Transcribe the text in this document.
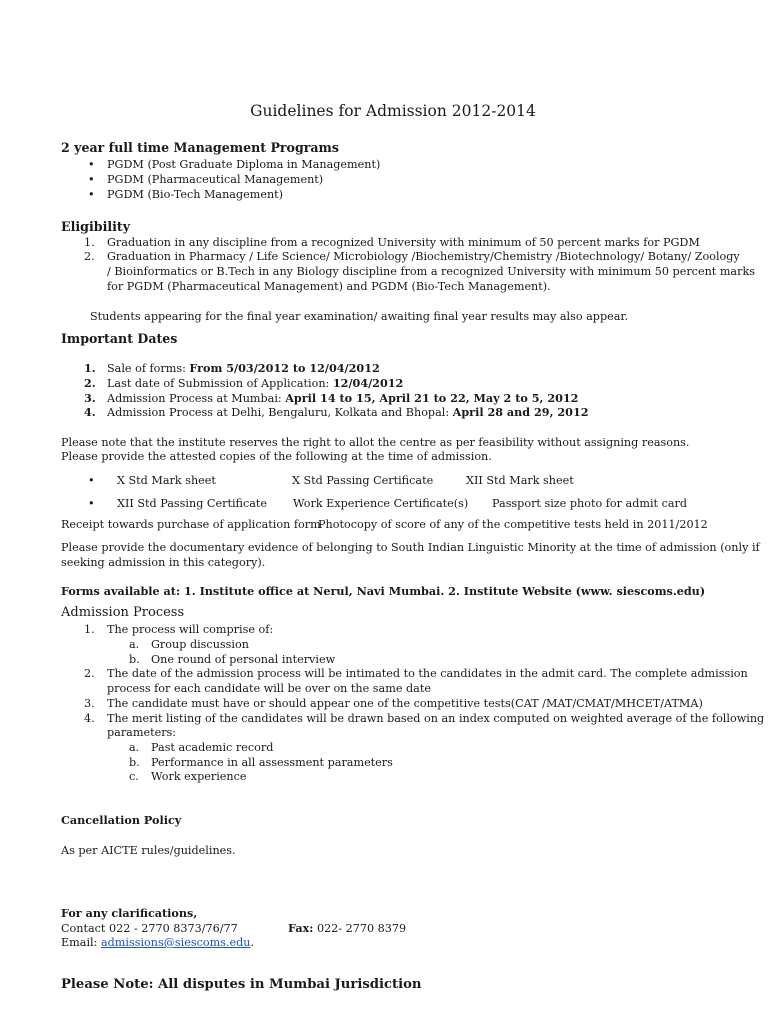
Guidelines for Admission 2012-2014
2 year full time Management Programs
• PGDM (Post Graduate Diploma in Management)
• PGDM (Pharmaceutical Management)
• PGDM (Bio-Tech Management)
Eligibility
1. Graduation in any discipline from a recognized University with minimum of 50 percent marks for PGDM
2. Graduation in Pharmacy / Life Science/ Microbiology /Biochemistry/Chemistry /Biotechnology/ Botany/ Zoology
/ Bioinformatics or B.Tech in any Biology discipline from a recognized University with minimum 50 percent marks
for PGDM (Pharmaceutical Management) and PGDM (Bio-Tech Management).
Students appearing for the final year examination/ awaiting final year results may also appear.
Important Dates
1. Sale of forms: From 5/03/2012 to 12/04/2012
2. Last date of Submission of Application: 12/04/2012
3. Admission Process at Mumbai: April 14 to 15, April 21 to 22, May 2 to 5, 2012
4. Admission Process at Delhi, Bengaluru, Kolkata and Bhopal: April 28 and 29, 2012
Please note that the institute reserves the right to allot the centre as per feasibility without assigning reasons.
Please provide the attested copies of the following at the time of admission.
• X Std Mark sheet	X Std Passing Certificate	XII Std Mark sheet
• XII Std Passing Certificate Work Experience Certificate(s) Passport size photo for admit card
Receipt towards purchase of application form
Photocopy of score of any of the competitive tests held in 2011/2012
Please provide the documentary evidence of belonging to South Indian Linguistic Minority at the time of admission (only if
seeking admission in this category).
Forms available at: 1. Institute office at Nerul, Navi Mumbai. 2. Institute Website (www. siescoms.edu)
Admission Process
1. The process will comprise of:
a. Group discussion
b. One round of personal interview
2. The date of the admission process will be intimated to the candidates in the admit card. The complete admission
process for each candidate will be over on the same date
3. The candidate must have or should appear one of the competitive tests(CAT /MAT/CMAT/MHCET/ATMA)
4. The merit listing of the candidates will be drawn based on an index computed on weighted average of the following
parameters:
a. Past academic record
b. Performance in all assessment parameters
c. Work experience
Cancellation Policy
As per AICTE rules/guidelines.
For any clarifications,
Contact 022 - 2770 8373/76/77	Fax: 022- 2770 8379
Email: admissions@siescoms.edu.
Please Note: All disputes in Mumbai Jurisdiction
